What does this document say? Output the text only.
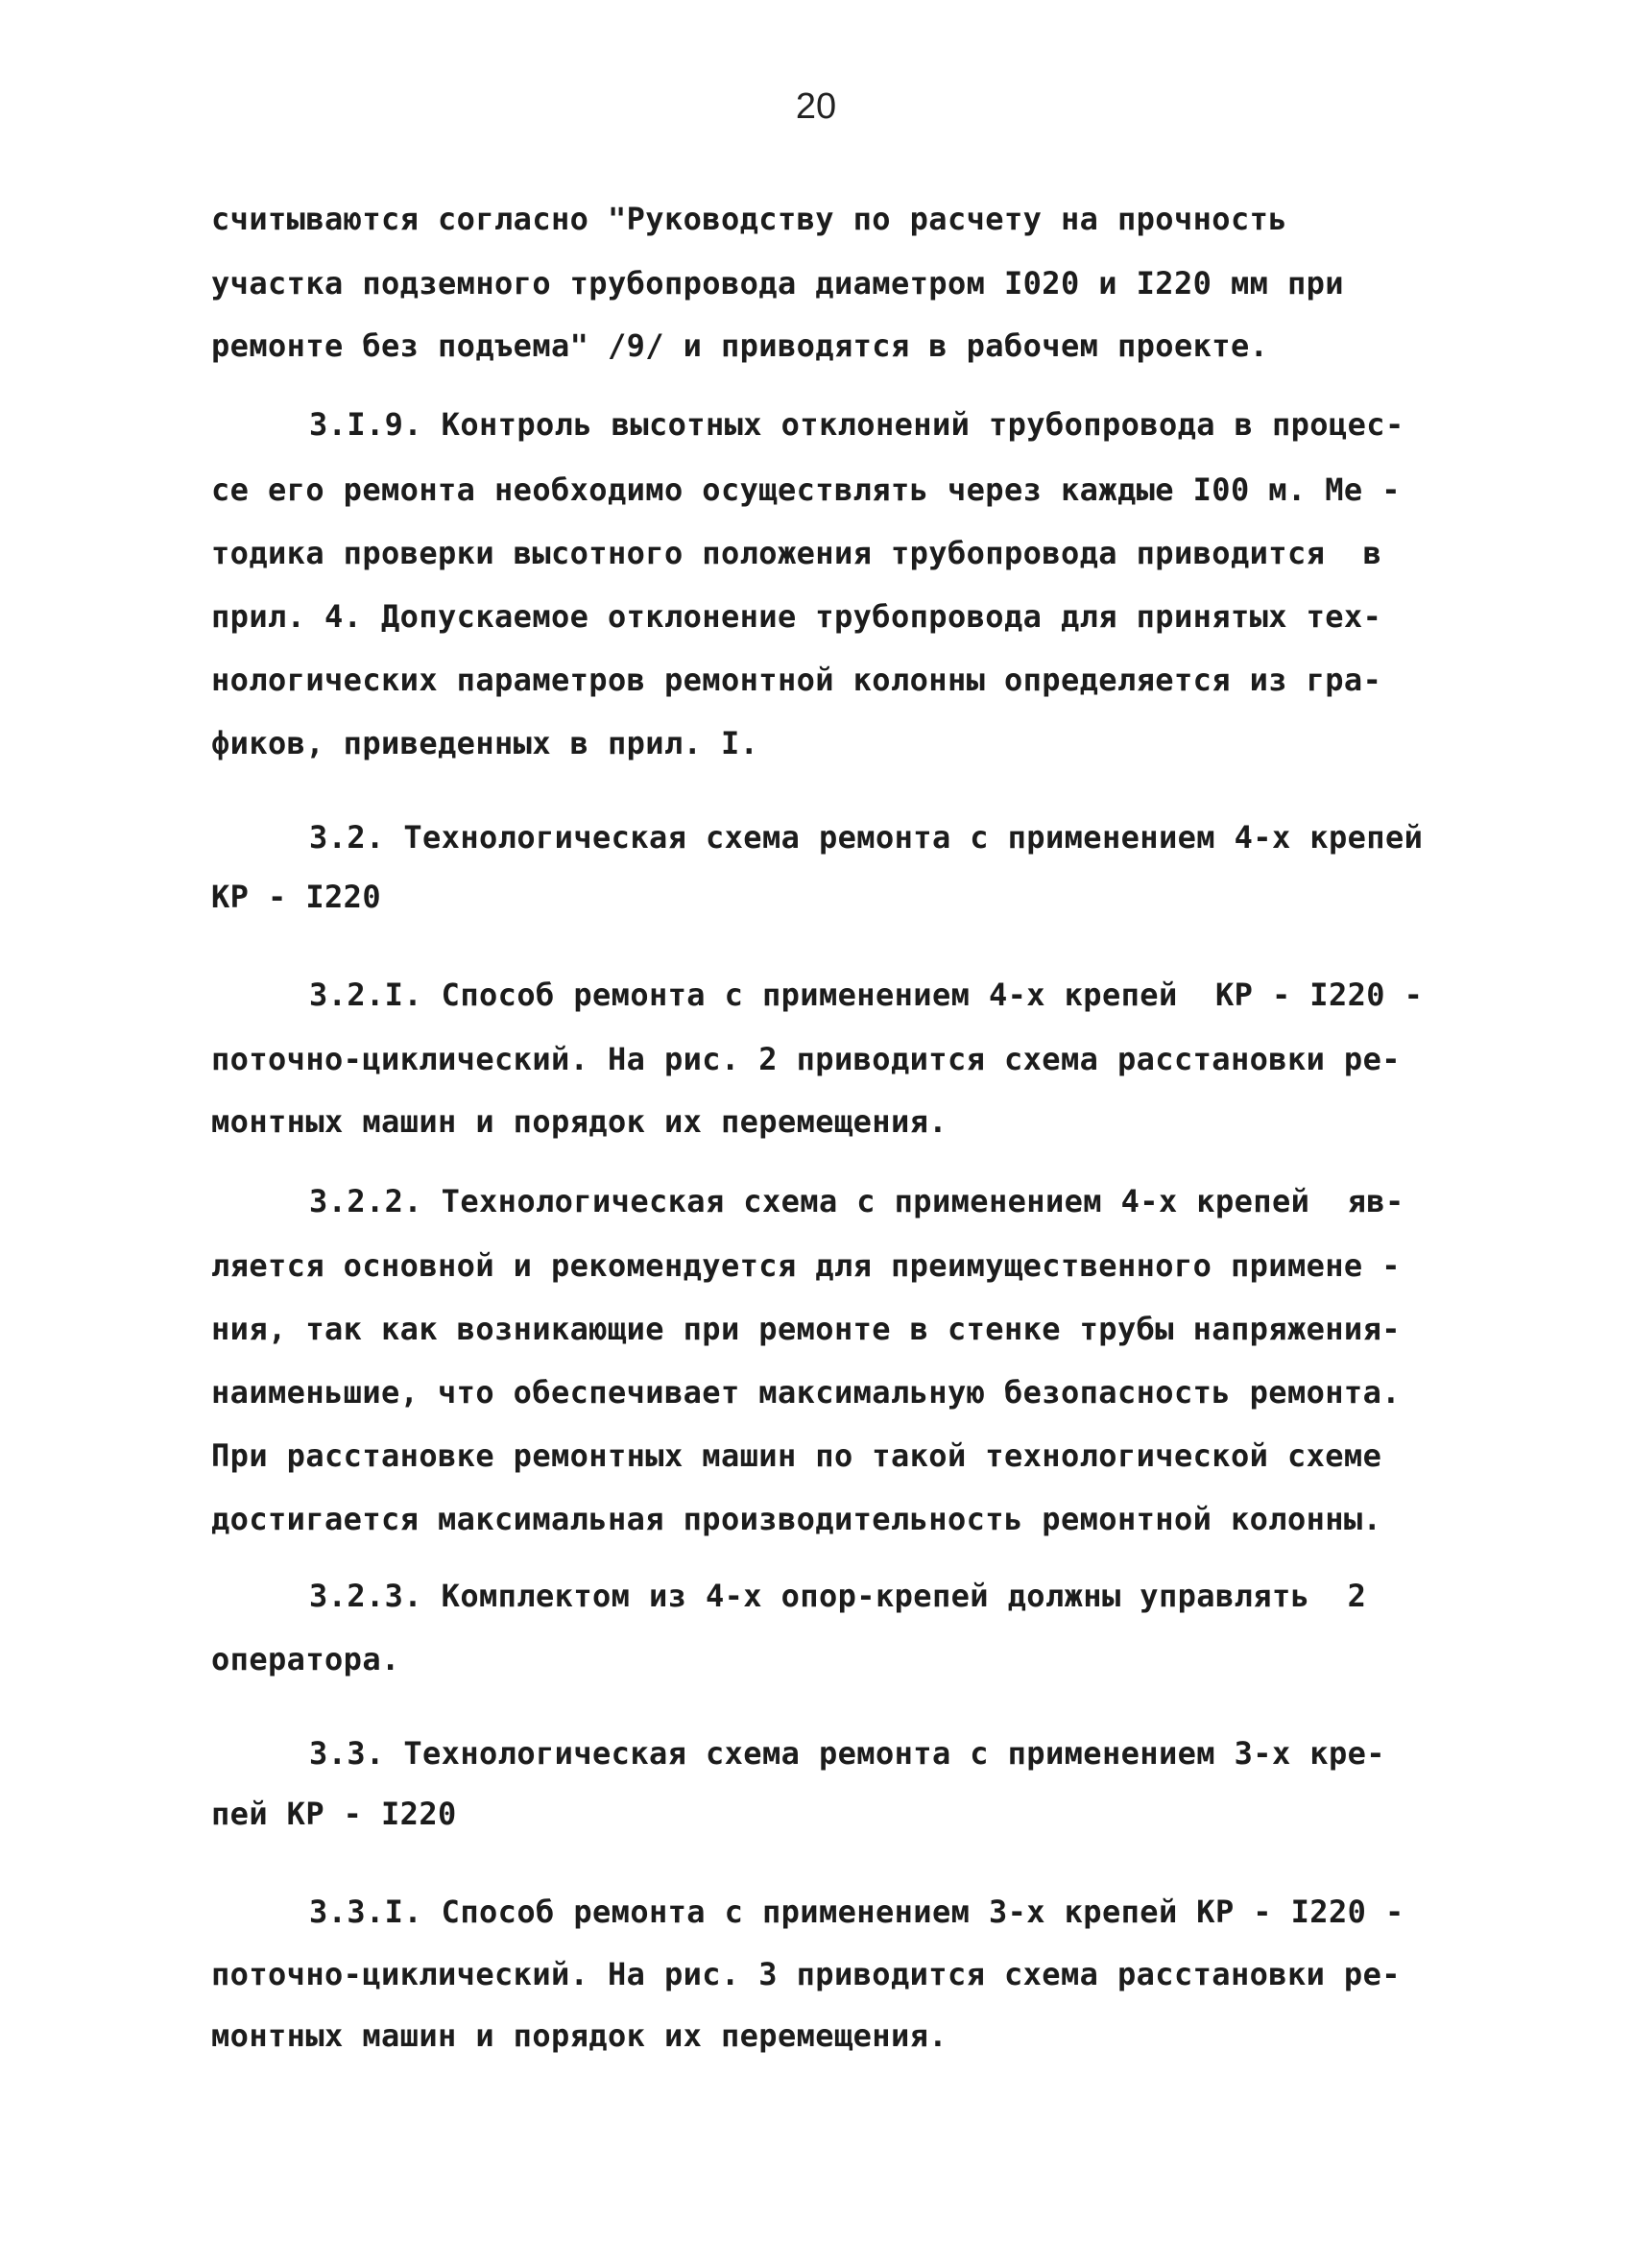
20
считываются согласно "Руководству по расчету на прочность
участка подземного трубопровода диаметром I020 и I220 мм при
ремонте без подъема" /9/ и приводятся в рабочем проекте.
3.I.9. Контроль высотных отклонений трубопровода в процес-
се его ремонта необходимо осуществлять через каждые I00 м. Ме -
тодика проверки высотного положения трубопровода приводится  в
прил. 4. Допускаемое отклонение трубопровода для принятых тех-
нологических параметров ремонтной колонны определяется из гра-
фиков, приведенных в прил. I.
3.2. Технологическая схема ремонта с применением 4-х крепей
КР - I220
3.2.I. Способ ремонта с применением 4-х крепей  КР - I220 -
поточно-циклический. На рис. 2 приводится схема расстановки ре-
монтных машин и порядок их перемещения.
3.2.2. Технологическая схема с применением 4-х крепей  яв-
ляется основной и рекомендуется для преимущественного примене -
ния, так как возникающие при ремонте в стенке трубы напряжения-
наименьшие, что обеспечивает максимальную безопасность ремонта.
При расстановке ремонтных машин по такой технологической схеме
достигается максимальная производительность ремонтной колонны.
3.2.3. Комплектом из 4-х опор-крепей должны управлять  2
оператора.
3.3. Технологическая схема ремонта с применением 3-х кре-
пей КР - I220
3.3.I. Способ ремонта с применением 3-х крепей КР - I220 -
поточно-циклический. На рис. 3 приводится схема расстановки ре-
монтных машин и порядок их перемещения.
